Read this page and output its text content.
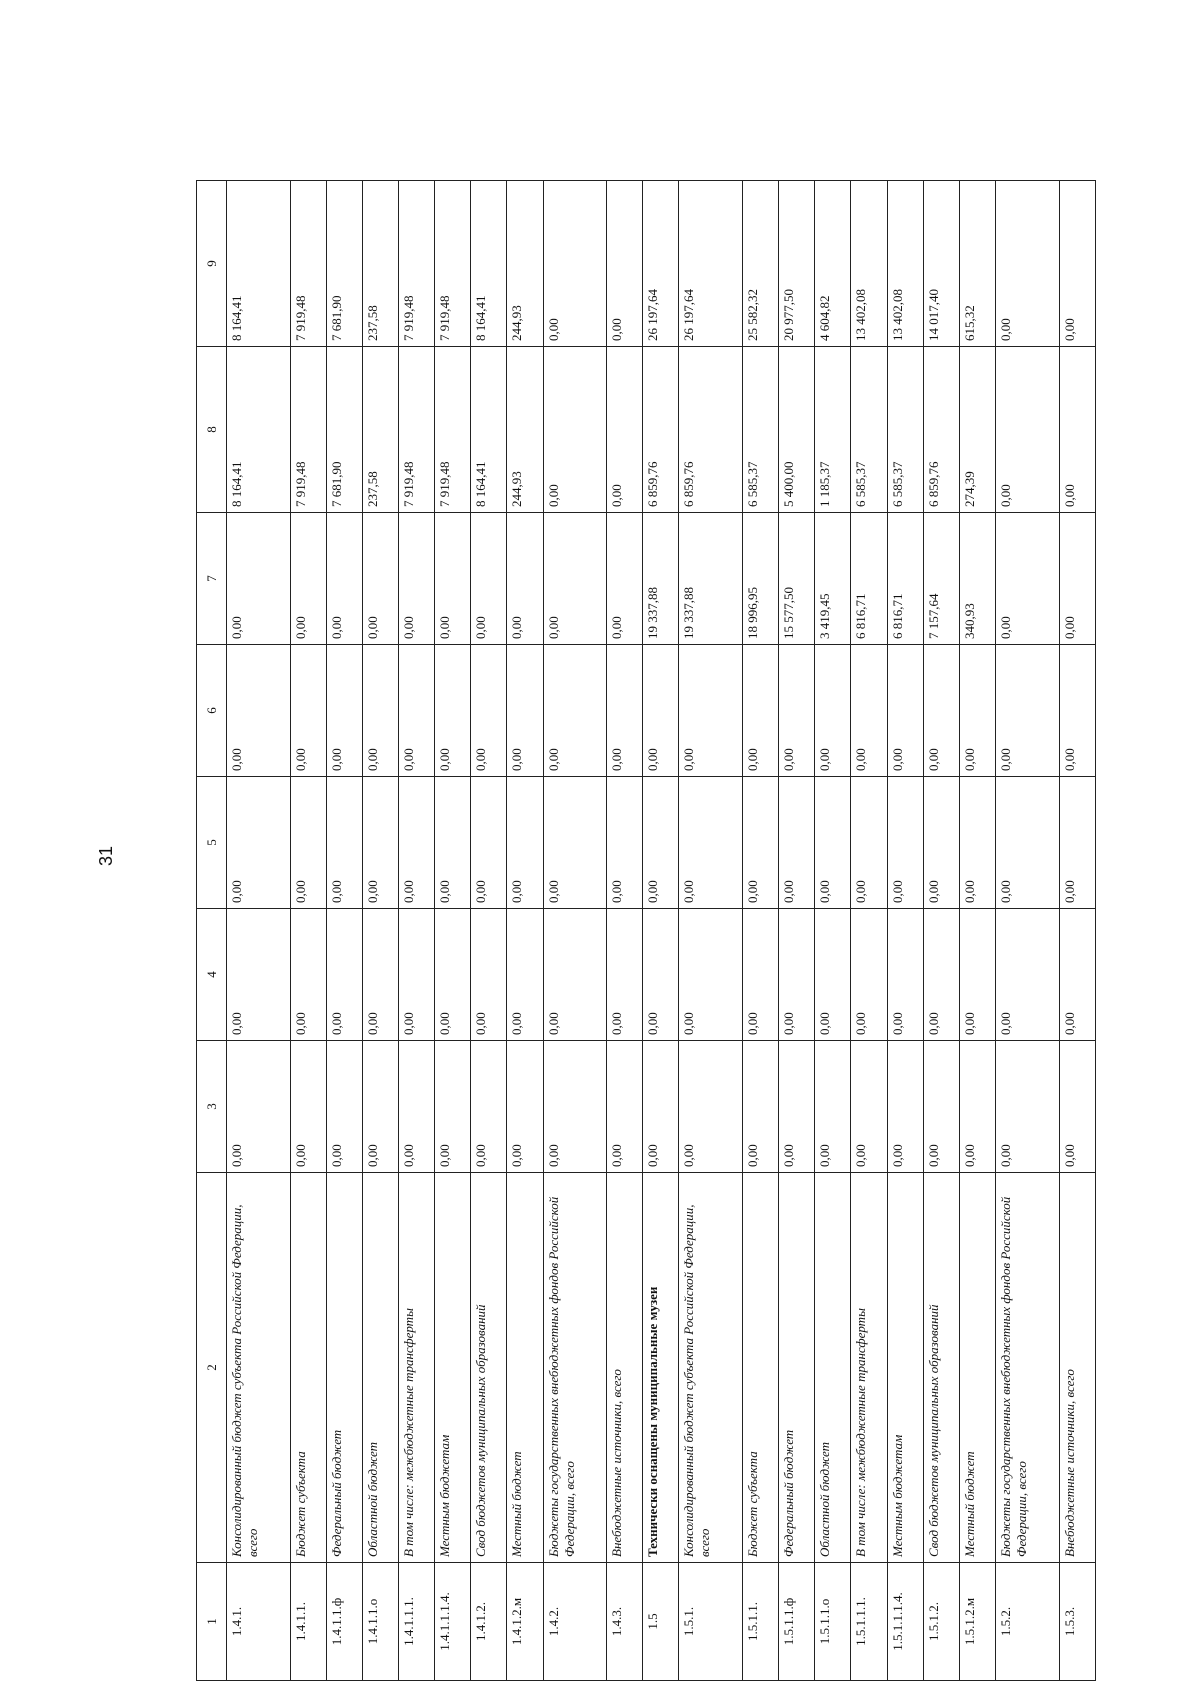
31
1	2	3	4	5	6	7	8	9
1.4.1.	Консолидированный бюджет субъекта Российской Федерации, всего	0,00	0,00	0,00	0,00	0,00	8 164,41	8 164,41
1.4.1.1.	Бюджет субъекта	0,00	0,00	0,00	0,00	0,00	7 919,48	7 919,48
1.4.1.1.ф	Федеральный бюджет	0,00	0,00	0,00	0,00	0,00	7 681,90	7 681,90
1.4.1.1.о	Областной бюджет	0,00	0,00	0,00	0,00	0,00	237,58	237,58
1.4.1.1.1.	В том числе: межбюджетные трансферты	0,00	0,00	0,00	0,00	0,00	7 919,48	7 919,48
1.4.1.1.1.4.	Местным бюджетам	0,00	0,00	0,00	0,00	0,00	7 919,48	7 919,48
1.4.1.2.	Свод бюджетов муниципальных образований	0,00	0,00	0,00	0,00	0,00	8 164,41	8 164,41
1.4.1.2.м	Местный бюджет	0,00	0,00	0,00	0,00	0,00	244,93	244,93
1.4.2.	Бюджеты государственных внебюджетных фондов Российской Федерации, всего	0,00	0,00	0,00	0,00	0,00	0,00	0,00
1.4.3.	Внебюджетные источники, всего	0,00	0,00	0,00	0,00	0,00	0,00	0,00
1.5	Технически оснащены муниципальные музеи	0,00	0,00	0,00	0,00	19 337,88	6 859,76	26 197,64
1.5.1.	Консолидированный бюджет субъекта Российской Федерации, всего	0,00	0,00	0,00	0,00	19 337,88	6 859,76	26 197,64
1.5.1.1.	Бюджет субъекта	0,00	0,00	0,00	0,00	18 996,95	6 585,37	25 582,32
1.5.1.1.ф	Федеральный бюджет	0,00	0,00	0,00	0,00	15 577,50	5 400,00	20 977,50
1.5.1.1.о	Областной бюджет	0,00	0,00	0,00	0,00	3 419,45	1 185,37	4 604,82
1.5.1.1.1.	В том числе: межбюджетные трансферты	0,00	0,00	0,00	0,00	6 816,71	6 585,37	13 402,08
1.5.1.1.1.4.	Местным бюджетам	0,00	0,00	0,00	0,00	6 816,71	6 585,37	13 402,08
1.5.1.2.	Свод бюджетов муниципальных образований	0,00	0,00	0,00	0,00	7 157,64	6 859,76	14 017,40
1.5.1.2.м	Местный бюджет	0,00	0,00	0,00	0,00	340,93	274,39	615,32
1.5.2.	Бюджеты государственных внебюджетных фондов Российской Федерации, всего	0,00	0,00	0,00	0,00	0,00	0,00	0,00
1.5.3.	Внебюджетные источники, всего	0,00	0,00	0,00	0,00	0,00	0,00	0,00
